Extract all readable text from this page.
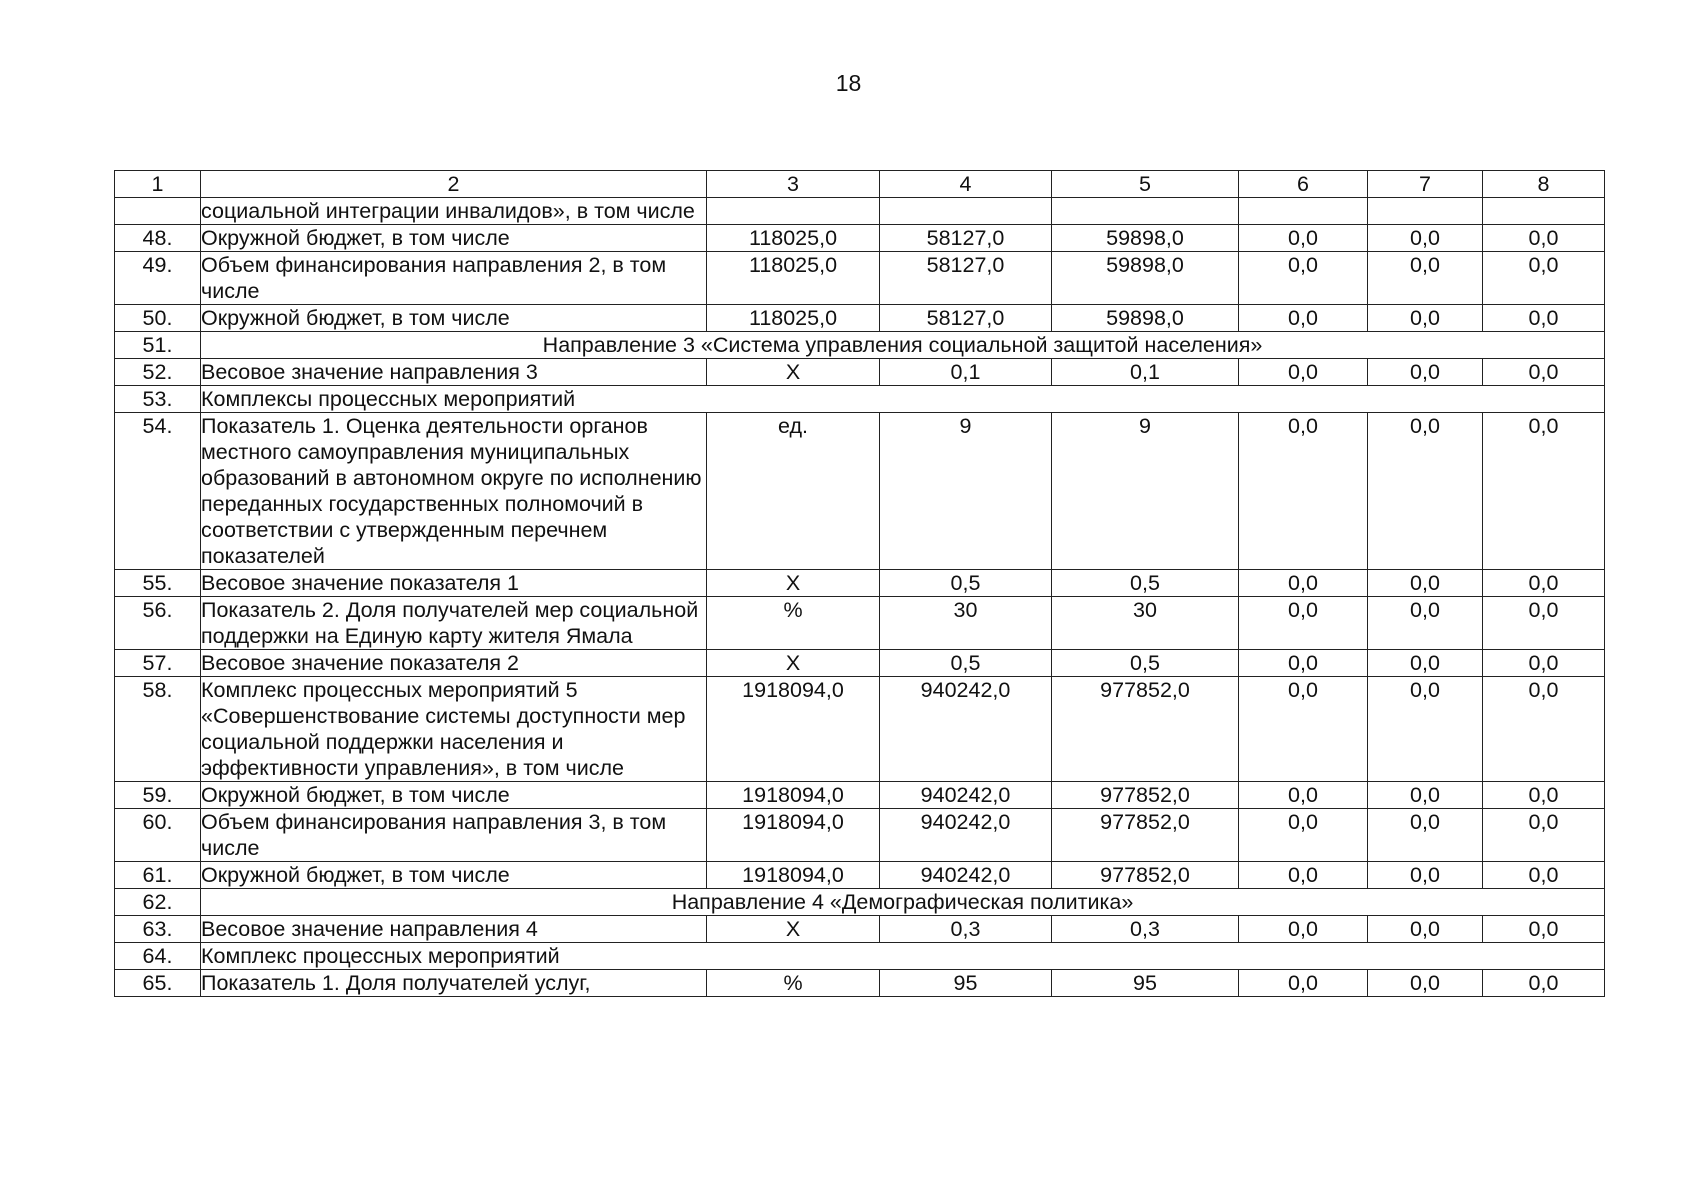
18
1	2	3	4	5	6	7	8
	социальной интеграции инвалидов», в том числе						
48.	Окружной бюджет, в том числе	118025,0	58127,0	59898,0	0,0	0,0	0,0
49.	Объем финансирования направления 2, в том числе	118025,0	58127,0	59898,0	0,0	0,0	0,0
50.	Окружной бюджет, в том числе	118025,0	58127,0	59898,0	0,0	0,0	0,0
51.	Направление 3 «Система управления социальной защитой населения»						
52.	Весовое значение направления 3	Х	0,1	0,1	0,0	0,0	0,0
53.	Комплексы процессных мероприятий						
54.	Показатель 1. Оценка деятельности органов местного самоуправления муниципальных образований в автономном округе по исполнению переданных государственных полномочий в соответствии с утвержденным перечнем показателей	ед.	9	9	0,0	0,0	0,0
55.	Весовое значение показателя 1	Х	0,5	0,5	0,0	0,0	0,0
56.	Показатель 2. Доля получателей мер социальной поддержки на Единую карту жителя Ямала	%	30	30	0,0	0,0	0,0
57.	Весовое значение показателя 2	Х	0,5	0,5	0,0	0,0	0,0
58.	Комплекс процессных мероприятий 5 «Совершенствование системы доступности мер социальной поддержки населения и эффективности управления», в том числе	1918094,0	940242,0	977852,0	0,0	0,0	0,0
59.	Окружной бюджет, в том числе	1918094,0	940242,0	977852,0	0,0	0,0	0,0
60.	Объем финансирования направления 3, в том числе	1918094,0	940242,0	977852,0	0,0	0,0	0,0
61.	Окружной бюджет, в том числе	1918094,0	940242,0	977852,0	0,0	0,0	0,0
62.	Направление 4 «Демографическая политика»						
63.	Весовое значение направления 4	Х	0,3	0,3	0,0	0,0	0,0
64.	Комплекс процессных мероприятий						
65.	Показатель 1. Доля получателей услуг,	%	95	95	0,0	0,0	0,0
